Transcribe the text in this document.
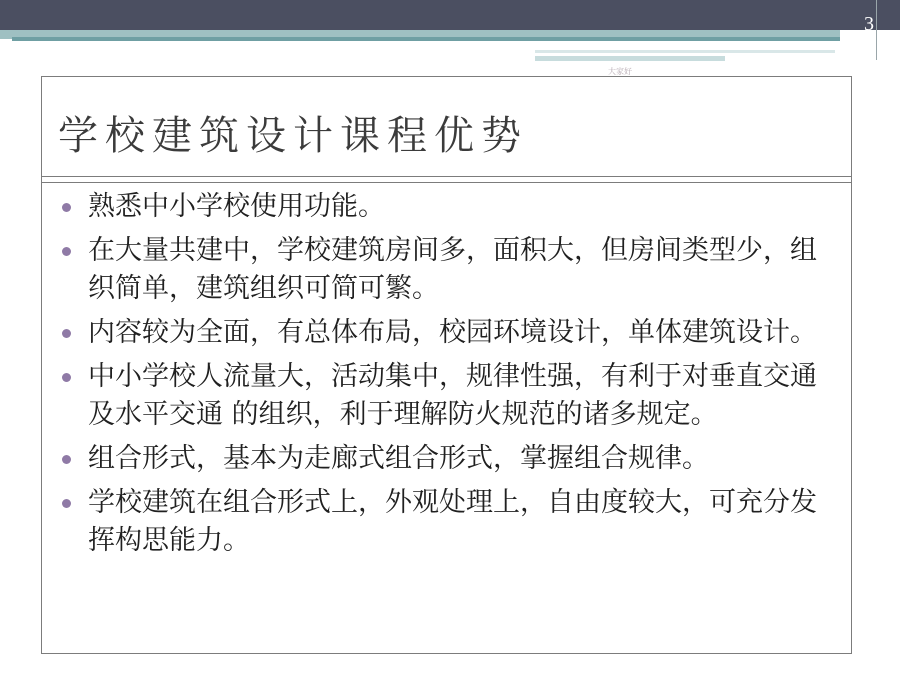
3
大家好
学校建筑设计课程优势
熟悉中小学校使用功能。
在大量共建中，学校建筑房间多，面积大，但房间类型少，组织简单，建筑组织可简可繁。
内容较为全面，有总体布局，校园环境设计，单体建筑设计。
中小学校人流量大，活动集中，规律性强，有利于对垂直交通及水平交通 的组织，利于理解防火规范的诸多规定。
组合形式，基本为走廊式组合形式，掌握组合规律。
学校建筑在组合形式上，外观处理上，自由度较大，可充分发挥构思能力。
